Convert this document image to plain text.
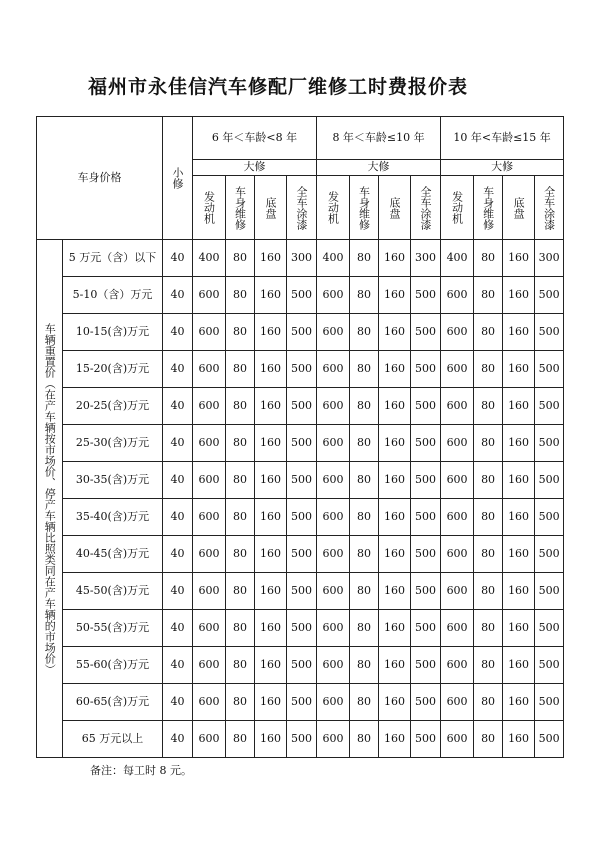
福州市永佳信汽车修配厂维修工时费报价表
车身价格		小修	6 年＜车龄<8 年				8 年＜车龄≤10 年				10 年<车龄≤15 年			
			大修				大修				大修			

			发动机	车身维修	底盘	全车涂漆	发动机	车身维修	底盘	全车涂漆	发动机	车身维修	底盘	全车涂漆

车辆重置价（在产车辆按市场价、停产车辆比照类同在产车辆的市场价）	5 万元（含）以下	40	400	80	160	300	400	80	160	300	400	80	160	300
	5-10（含）万元	40	600	80	160	500	600	80	160	500	600	80	160	500
	10-15(含)万元	40	600	80	160	500	600	80	160	500	600	80	160	500
	15-20(含)万元	40	600	80	160	500	600	80	160	500	600	80	160	500
	20-25(含)万元	40	600	80	160	500	600	80	160	500	600	80	160	500
	25-30(含)万元	40	600	80	160	500	600	80	160	500	600	80	160	500
	30-35(含)万元	40	600	80	160	500	600	80	160	500	600	80	160	500
	35-40(含)万元	40	600	80	160	500	600	80	160	500	600	80	160	500
	40-45(含)万元	40	600	80	160	500	600	80	160	500	600	80	160	500
	45-50(含)万元	40	600	80	160	500	600	80	160	500	600	80	160	500
	50-55(含)万元	40	600	80	160	500	600	80	160	500	600	80	160	500
	55-60(含)万元	40	600	80	160	500	600	80	160	500	600	80	160	500
	60-65(含)万元	40	600	80	160	500	600	80	160	500	600	80	160	500
	65 万元以上	40	600	80	160	500	600	80	160	500	600	80	160	500
备注：每工时 8 元。
